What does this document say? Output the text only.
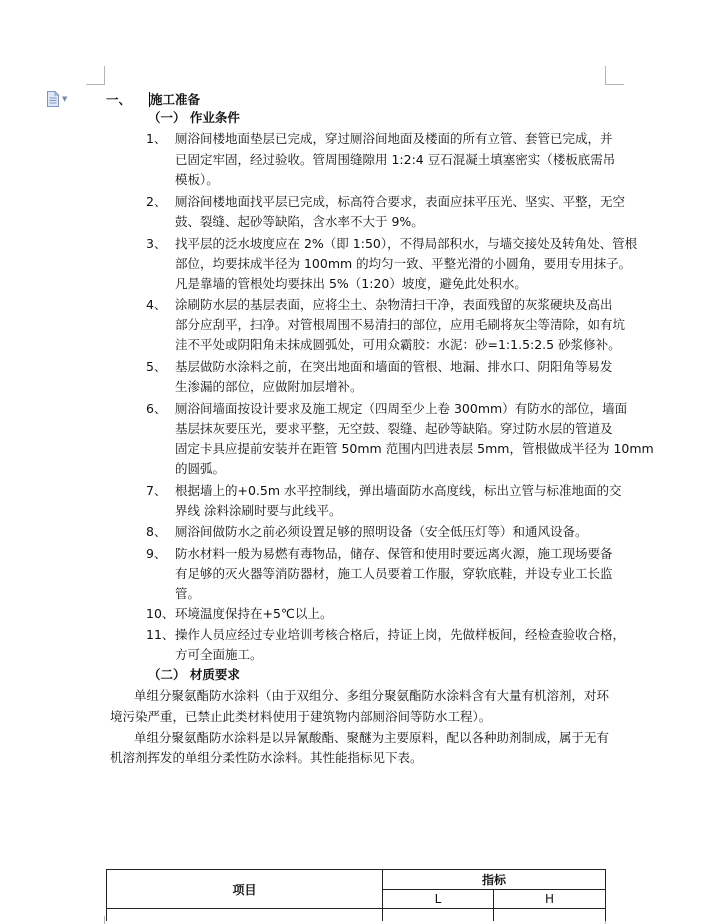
▼	一、 施工准备
（一） 作业条件
1、 厕浴间楼地面垫层已完成，穿过厕浴间地面及楼面的所有立管、套管已完成，并
已固定牢固，经过验收。管周围缝隙用 1:2:4 豆石混凝土填塞密实（楼板底需吊
模板）。
2、 厕浴间楼地面找平层已完成，标高符合要求，表面应抹平压光、坚实、平整，无空
鼓、裂缝、起砂等缺陷，含水率不大于 9%。
3、 找平层的泛水坡度应在 2%（即 1:50），不得局部积水，与墙交接处及转角处、管根
部位，均要抹成半径为 100mm 的均匀一致、平整光滑的小圆角，要用专用抹子。
凡是靠墙的管根处均要抹出 5%（1:20）坡度，避免此处积水。
4、 涂刷防水层的基层表面，应将尘土、杂物清扫干净，表面残留的灰浆硬块及高出
部分应刮平，扫净。对管根周围不易清扫的部位，应用毛刷将灰尘等清除，如有坑
洼不平处或阴阳角未抹成圆弧处，可用众霸胶：水泥：砂=1:1.5:2.5 砂浆修补。
5、 基层做防水涂料之前，在突出地面和墙面的管根、地漏、排水口、阴阳角等易发
生渗漏的部位，应做附加层增补。
6、 厕浴间墙面按设计要求及施工规定（四周至少上卷 300mm）有防水的部位，墙面
基层抹灰要压光，要求平整，无空鼓、裂缝、起砂等缺陷。穿过防水层的管道及
固定卡具应提前安装并在距管 50mm 范围内凹进表层 5mm，管根做成半径为 10mm
的圆弧。
7、 根据墙上的+0.5m 水平控制线，弹出墙面防水高度线，标出立管与标准地面的交
界线 涂料涂刷时要与此线平。
8、 厕浴间做防水之前必须设置足够的照明设备（安全低压灯等）和通风设备。
9、 防水材料一般为易燃有毒物品，储存、保管和使用时要远离火源，施工现场要备
有足够的灭火器等消防器材，施工人员要着工作服，穿软底鞋，并设专业工长监
管。
10、 环境温度保持在+5℃以上。
11、 操作人员应经过专业培训考核合格后，持证上岗，先做样板间，经检查验收合格，
方可全面施工。
（二） 材质要求
单组分聚氨酯防水涂料（由于双组分、多组分聚氨酯防水涂料含有大量有机溶剂，对环
境污染严重，已禁止此类材料使用于建筑物内部厕浴间等防水工程）。
单组分聚氨酯防水涂料是以异氰酸酯、聚醚为主要原料，配以各种助剂制成，属于无有
机溶剂挥发的单组分柔性防水涂料。其性能指标见下表。
项目	指标	
	L	H
